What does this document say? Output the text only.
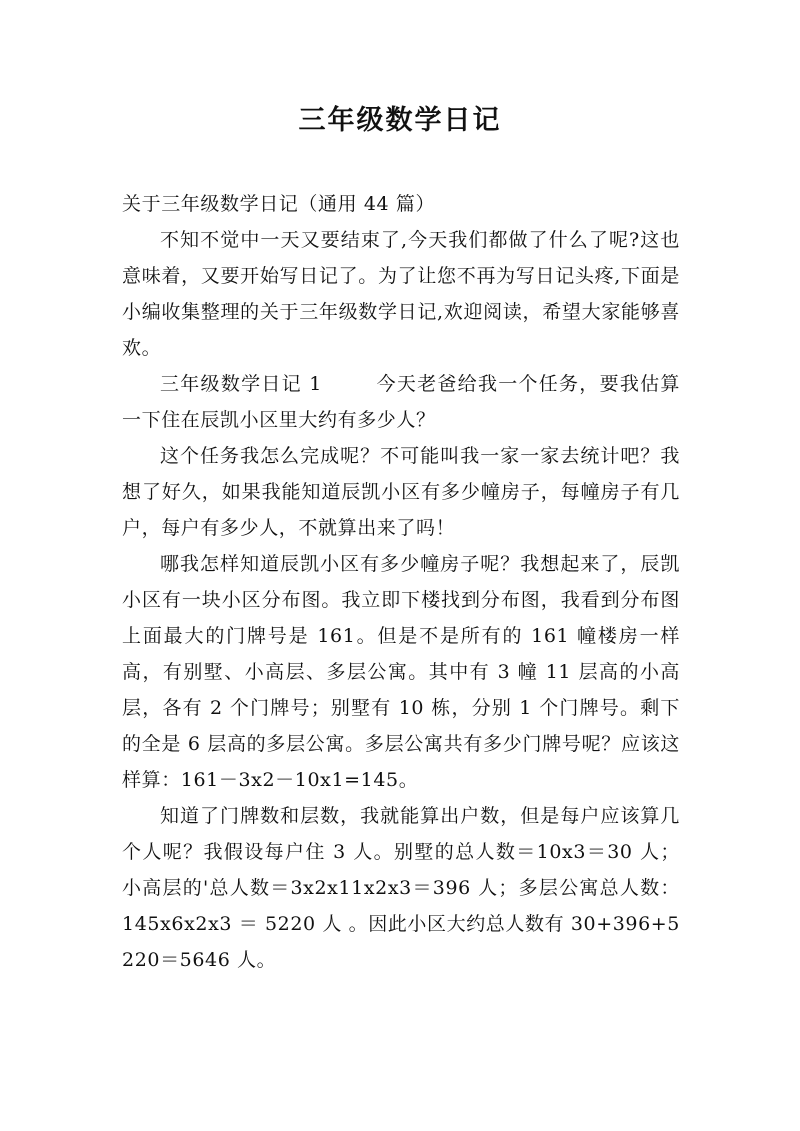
三年级数学日记

关于三年级数学日记（通用 44 篇）

不知不觉中一天又要结束了,今天我们都做了什么了呢?这也意味着，又要开始写日记了。为了让您不再为写日记头疼,下面是小编收集整理的关于三年级数学日记,欢迎阅读，希望大家能够喜欢。

三年级数学日记 1	今天老爸给我一个任务，要我估算一下住在辰凯小区里大约有多少人？

这个任务我怎么完成呢？不可能叫我一家一家去统计吧？我想了好久，如果我能知道辰凯小区有多少幢房子，每幢房子有几户，每户有多少人，不就算出来了吗！

哪我怎样知道辰凯小区有多少幢房子呢？我想起来了，辰凯小区有一块小区分布图。我立即下楼找到分布图，我看到分布图上面最大的门牌号是 161。但是不是所有的 161 幢楼房一样高，有别墅、小高层、多层公寓。其中有 3 幢 11 层高的小高层，各有 2 个门牌号；别墅有 10 栋，分别 1 个门牌号。剩下的全是 6 层高的多层公寓。多层公寓共有多少门牌号呢？应该这样算：161－3x2－10x1=145。

知道了门牌数和层数，我就能算出户数，但是每户应该算几个人呢？我假设每户住 3 人。别墅的总人数＝10x3＝30 人；小高层的'总人数＝3x2x11x2x3＝396 人；多层公寓总人数： 145x6x2x3 ＝ 5220 人 。因此小区大约总人数有 30+396+5220＝5646 人。
